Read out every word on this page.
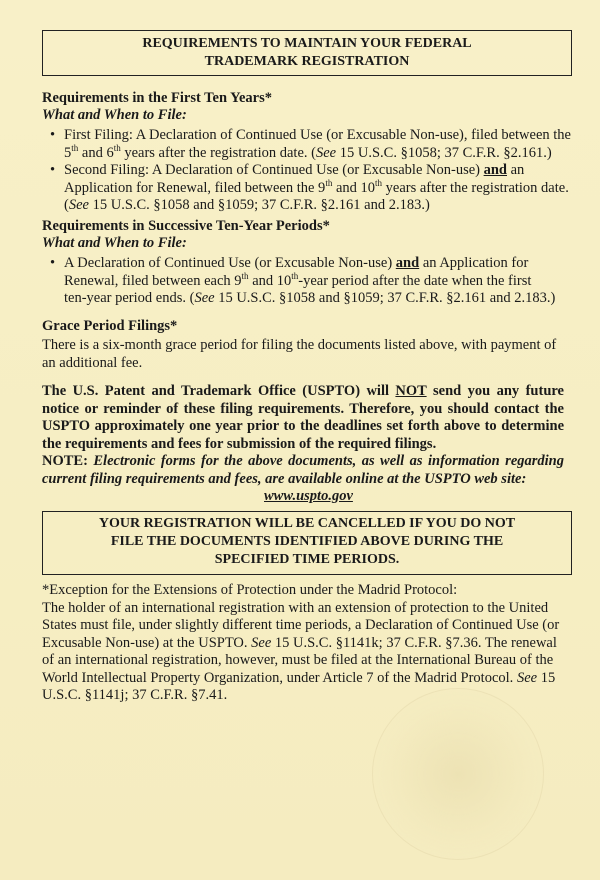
REQUIREMENTS TO MAINTAIN YOUR FEDERAL
TRADEMARK REGISTRATION
Requirements in the First Ten Years*
What and When to File:
• First Filing: A Declaration of Continued Use (or Excusable Non-use), filed between the
5th and 6th years after the registration date. (See 15 U.S.C. §1058; 37 C.F.R. §2.161.)
• Second Filing: A Declaration of Continued Use (or Excusable Non-use) and an
Application for Renewal, filed between the 9th and 10th years after the registration date.
(See 15 U.S.C. §1058 and §1059; 37 C.F.R. §2.161 and 2.183.)
Requirements in Successive Ten-Year Periods*
What and When to File:
• A Declaration of Continued Use (or Excusable Non-use) and an Application for
Renewal, filed between each 9th and 10th-year period after the date when the first
ten-year period ends. (See 15 U.S.C. §1058 and §1059; 37 C.F.R. §2.161 and 2.183.)
Grace Period Filings*
There is a six-month grace period for filing the documents listed above, with payment of
an additional fee.
The U.S. Patent and Trademark Office (USPTO) will NOT send you any future notice or reminder of these filing requirements. Therefore, you should contact the USPTO approximately one year prior to the deadlines set forth above to determine the requirements and fees for submission of the required filings.
NOTE: Electronic forms for the above documents, as well as information regarding current filing requirements and fees, are available online at the USPTO web site:
www.uspto.gov
YOUR REGISTRATION WILL BE CANCELLED IF YOU DO NOT
FILE THE DOCUMENTS IDENTIFIED ABOVE DURING THE
SPECIFIED TIME PERIODS.
*Exception for the Extensions of Protection under the Madrid Protocol:
The holder of an international registration with an extension of protection to the United
States must file, under slightly different time periods, a Declaration of Continued Use (or
Excusable Non-use) at the USPTO. See 15 U.S.C. §1141k; 37 C.F.R. §7.36. The renewal
of an international registration, however, must be filed at the International Bureau of the
World Intellectual Property Organization, under Article 7 of the Madrid Protocol. See 15
U.S.C. §1141j; 37 C.F.R. §7.41.
